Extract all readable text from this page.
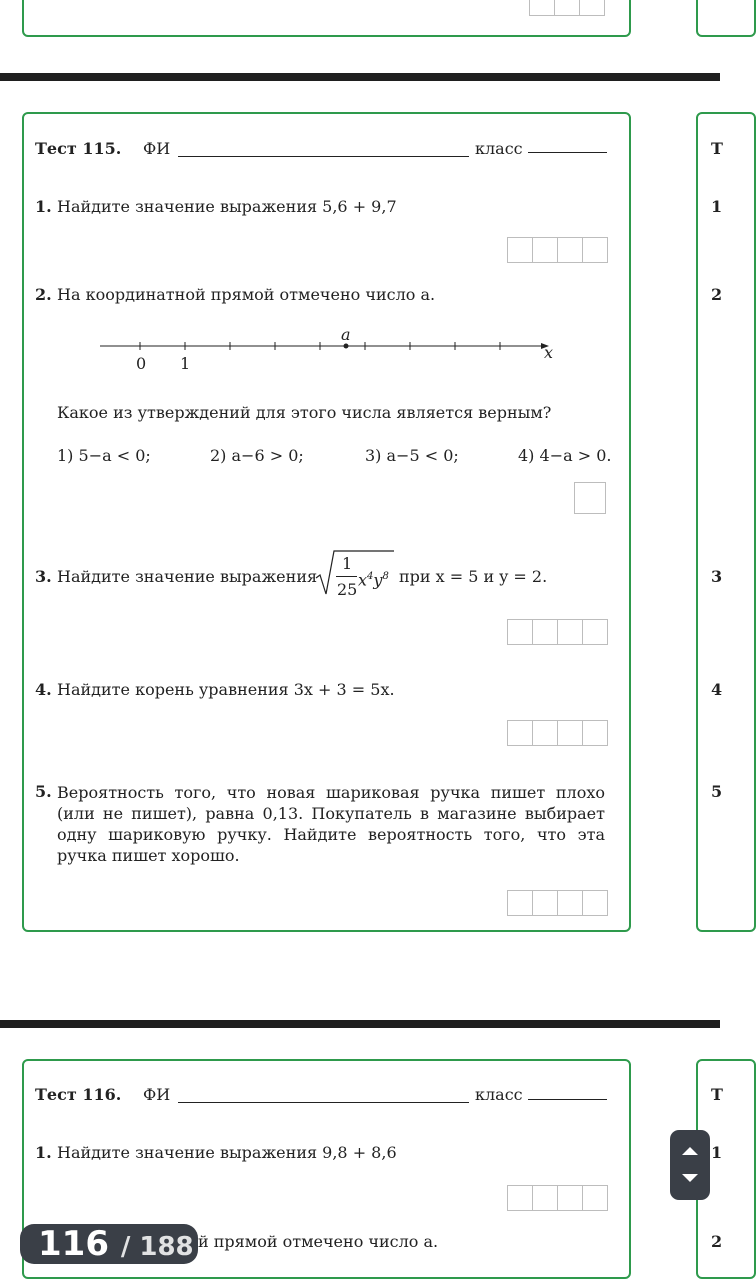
Тест 115. ФИ	класс
1. Найдите значение выражения 5,6 + 9,7
2. На координатной прямой отмечено число a.
a
x
0 1
Какое из утверждений для этого числа является верным?
1) 5−a < 0;	2) a−6 > 0;	3) a−5 < 0;	4) 4−a > 0.
3. Найдите значение выражения
1
25
$x^4y^8$ при x = 5 и y = 2.
4. Найдите корень уравнения 3x + 3 = 5x.
5. Вероятность того, что новая шариковая ручка пишет плохо (или не пишет), равна 0,13. Покупатель в магазине выбирает одну шариковую ручку. Найдите вероятность того, что эта ручка пишет хорошо.
Т
1
2
3
4
5
Тест 116. ФИ	класс
1. Найдите значение выражения 9,8 + 8,6
й прямой отмечено число a.
Т
1
2
116 / 188
